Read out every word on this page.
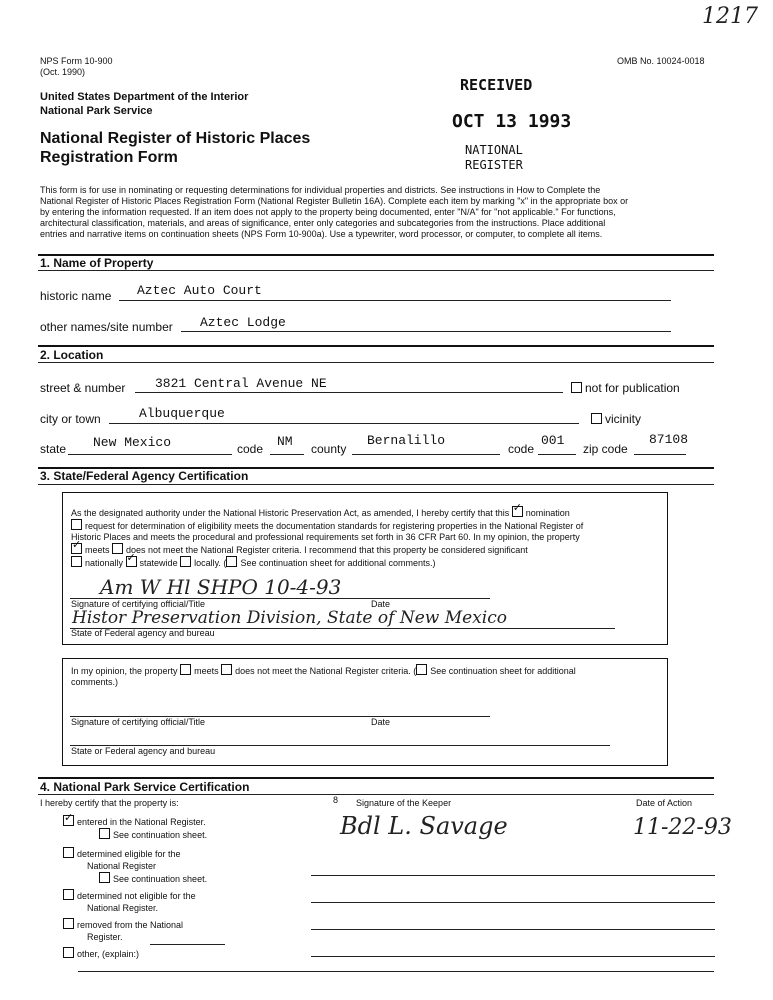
1217
NPS Form 10-900
(Oct. 1990)
OMB No. 10024-0018
United States Department of the Interior
National Park Service
National Register of Historic Places
Registration Form
RECEIVED
OCT 13 1993
NATIONAL
REGISTER
This form is for use in nominating or requesting determinations for individual properties and districts. See instructions in How to Complete the
National Register of Historic Places Registration Form (National Register Bulletin 16A). Complete each item by marking "x" in the appropriate box or
by entering the information requested. If an item does not apply to the property being documented, enter "N/A" for "not applicable." For functions,
architectural classification, materials, and areas of significance, enter only categories and subcategories from the instructions. Place additional
entries and narrative items on continuation sheets (NPS Form 10-900a). Use a typewriter, word processor, or computer, to complete all items.
1. Name of Property
historic name Aztec Auto Court
other names/site number Aztec Lodge
2. Location
street & number 3821 Central Avenue NE	not for publication
city or town	Albuquerque	vicinity
state New Mexico	code NM county
Bernalillo
code
001
zip code
87108
3. State/Federal Agency Certification
As the designated authority under the National Historic Preservation Act, as amended, I hereby certify that this ✓ nomination
request for determination of eligibility meets the documentation standards for registering properties in the National Register of
Historic Places and meets the procedural and professional requirements set forth in 36 CFR Part 60. In my opinion, the property
✓meets does not meet the National Register criteria. I recommend that this property be considered significant
nationally ✓ statewide locally. ( See continuation sheet for additional comments.)
Am W Hl SHPO 10-4-93
Signature of certifying official/Title	Date
Histor Preservation Division, State of New Mexico
State of Federal agency and bureau
In my opinion, the property meets does not meet the National Register criteria. ( See continuation sheet for additional
comments.)
Signature of certifying official/Title	Date
State or Federal agency and bureau
4. National Park Service Certification
I hereby certify that the property is:	8 Signature of the Keeper	Date of Action
Bdl L. Savage	11-22-93
✓entered in the National Register.
See continuation sheet.
determined eligible for the
National Register
See continuation sheet.
determined not eligible for the
National Register.
removed from the National
Register.
other, (explain:)
